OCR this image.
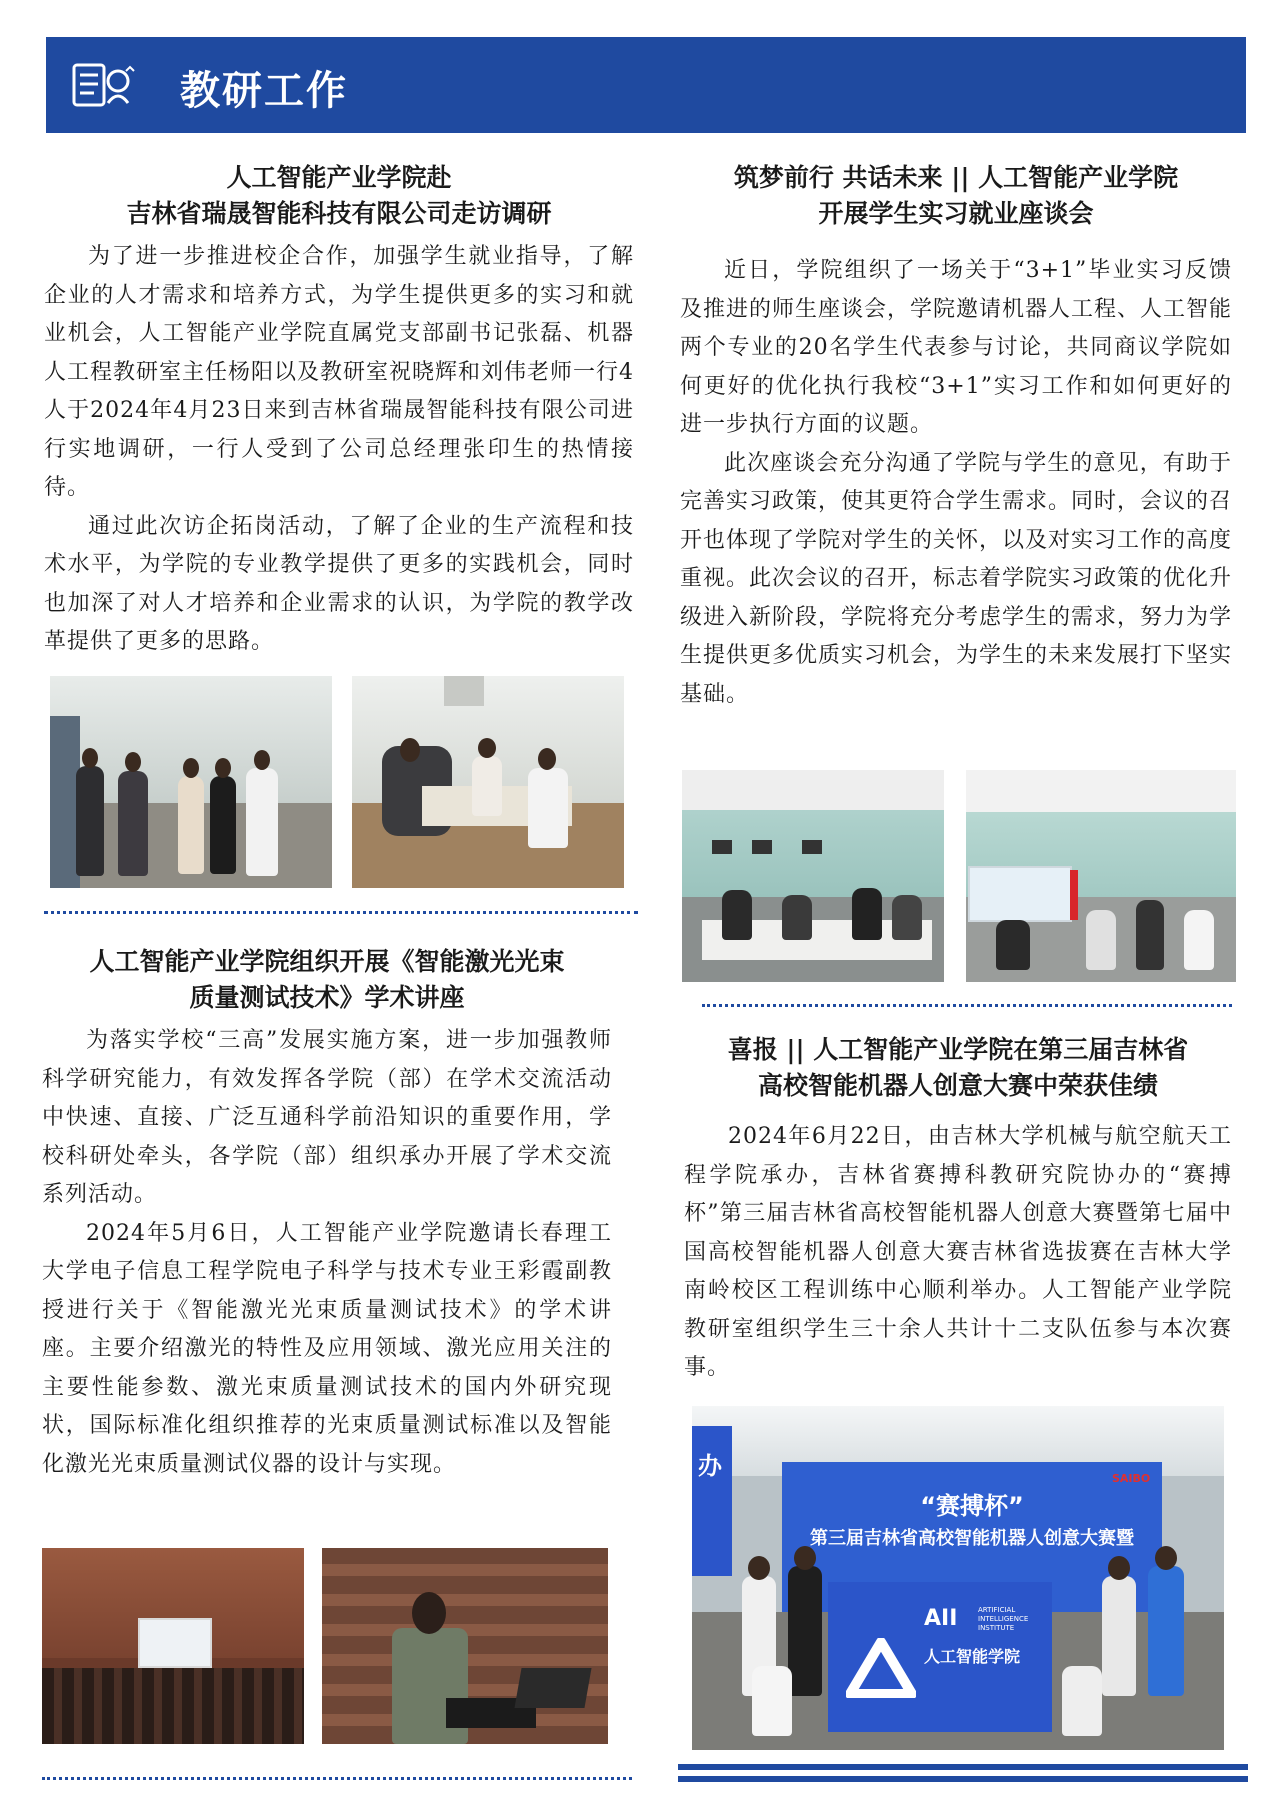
教研工作

人工智能产业学院赴

吉林省瑞晟智能科技有限公司走访调研

为了进一步推进校企合作，加强学生就业指导，了解企业的人才需求和培养方式，为学生提供更多的实习和就业机会，人工智能产业学院直属党支部副书记张磊、机器人工程教研室主任杨阳以及教研室祝晓辉和刘伟老师一行4人于2024年4月23日来到吉林省瑞晟智能科技有限公司进行实地调研，一行人受到了公司总经理张印生的热情接待。

通过此次访企拓岗活动，了解了企业的生产流程和技术水平，为学院的专业教学提供了更多的实践机会，同时也加深了对人才培养和企业需求的认识，为学院的教学改革提供了更多的思路。

人工智能产业学院组织开展《智能激光光束

质量测试技术》学术讲座

为落实学校“三高”发展实施方案，进一步加强教师科学研究能力，有效发挥各学院（部）在学术交流活动中快速、直接、广泛互通科学前沿知识的重要作用，学校科研处牵头，各学院（部）组织承办开展了学术交流系列活动。

2024年5月6日，人工智能产业学院邀请长春理工 大学电子信息工程学院电子科学与技术专业王彩霞副教授进行关于《智能激光光束质量测试技术》的学术讲座。主要介绍激光的特性及应用领域、激光应用关注的主要性能参数、激光束质量测试技术的国内外研究现状，国际标准化组织推荐的光束质量测试标准以及智能化激光光束质量测试仪器的设计与实现。

筑梦前行 共话未来 || 人工智能产业学院

开展学生实习就业座谈会

近日，学院组织了一场关于“3+1”毕业实习反馈及推进的师生座谈会，学院邀请机器人工程、人工智能两个专业的20名学生代表参与讨论，共同商议学院如何更好的优化执行我校“3+1”实习工作和如何更好的进一步执行方面的议题。

此次座谈会充分沟通了学院与学生的意见，有助于完善实习政策，使其更符合学生需求。同时，会议的召开也体现了学院对学生的关怀，以及对实习工作的高度重视。此次会议的召开，标志着学院实习政策的优化升级进入新阶段，学院将充分考虑学生的需求，努力为学生提供更多优质实习机会，为学生的未来发展打下坚实基础。

喜报 || 人工智能产业学院在第三届吉林省

高校智能机器人创意大赛中荣获佳绩

2024年6月22日，由吉林大学机械与航空航天工程学院承办，吉林省赛搏科教研究院协办的“赛搏杯”第三届吉林省高校智能机器人创意大赛暨第七届中国高校智能机器人创意大赛吉林省选拔赛在吉林大学南岭校区工程训练中心顺利举办。人工智能产业学院教研室组织学生三十余人共计十二支队伍参与本次赛事。

办
“赛搏杯”
SAIBO
第三届吉林省高校智能机器人创意大赛暨
AII	ARTIFICIAL
INTELLIGENCE
INSTITUTE
人工智能学院
